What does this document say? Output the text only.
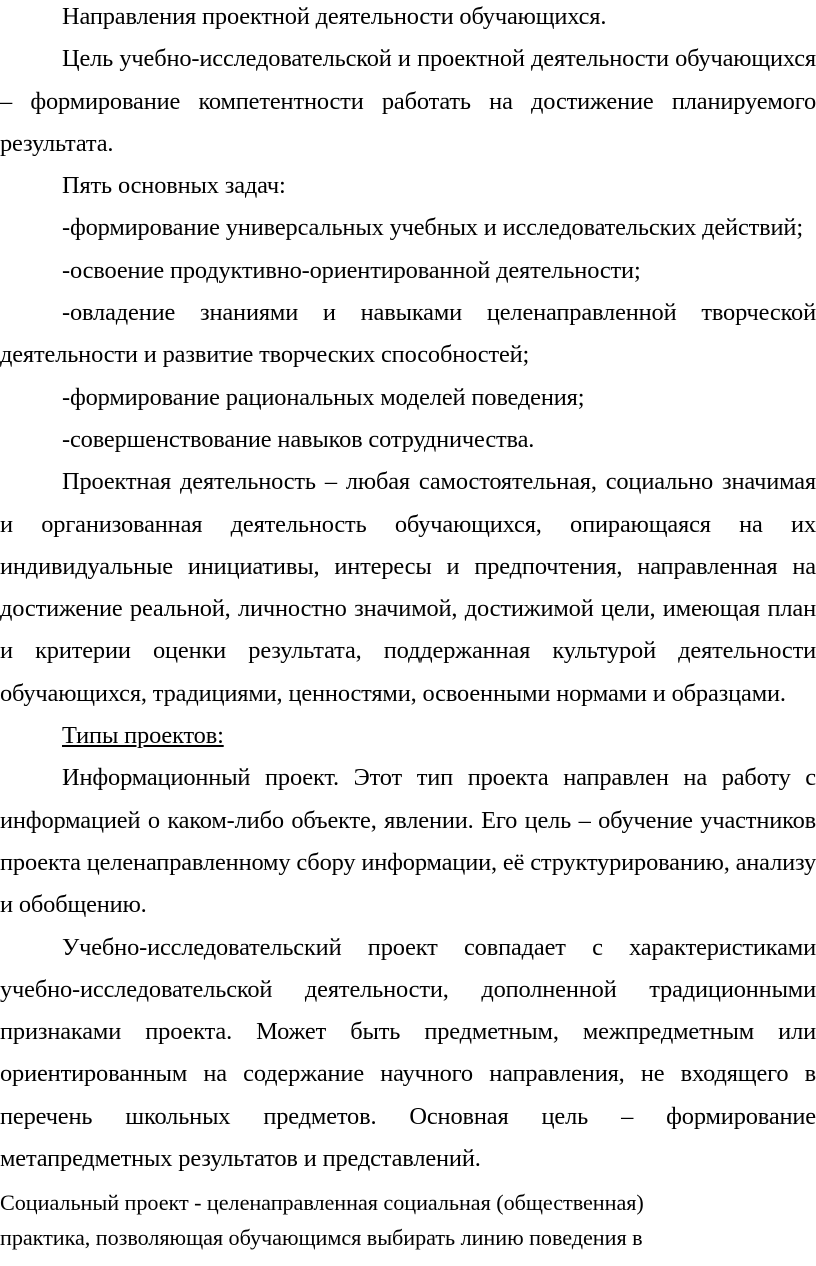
Направления проектной деятельности обучающихся.

Цель учебно-исследовательской и проектной деятельности обучающихся – формирование компетентности работать на достижение планируемого результата.

Пять основных задач:

-формирование универсальных учебных и исследовательских действий;

-освоение продуктивно-ориентированной деятельности;

-овладение знаниями и навыками целенаправленной творческой деятельности и развитие творческих способностей;

-формирование рациональных моделей поведения;

-совершенствование навыков сотрудничества.

Проектная деятельность – любая самостоятельная, социально значимая и организованная деятельность обучающихся, опирающаяся на их индивидуальные инициативы, интересы и предпочтения, направленная на достижение реальной, личностно значимой, достижимой цели, имеющая план и критерии оценки результата, поддержанная культурой деятельности обучающихся, традициями, ценностями, освоенными нормами и образцами.

Типы проектов:

Информационный проект. Этот тип проекта направлен на работу с информацией о каком-либо объекте, явлении. Его цель – обучение участников проекта целенаправленному сбору информации, её структурированию, анализу и обобщению.

Учебно-исследовательский проект совпадает с характеристиками учебно-исследовательской деятельности, дополненной традиционными признаками проекта. Может быть предметным, межпредметным или ориентированным на содержание научного направления, не входящего в перечень школьных предметов. Основная цель – формирование метапредметных результатов и представлений.

Социальный проект - целенаправленная социальная (общественная)
практика, позволяющая обучающимся выбирать линию поведения в
